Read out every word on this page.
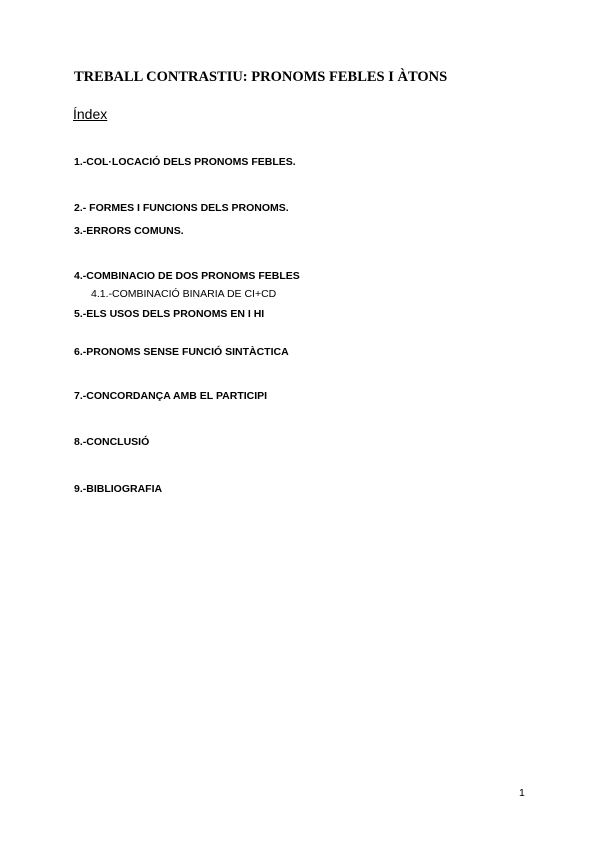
TREBALL CONTRASTIU: PRONOMS FEBLES I ÀTONS
Índex
1.-COL·LOCACIÓ DELS PRONOMS FEBLES.
2.- FORMES I FUNCIONS DELS PRONOMS.
3.-ERRORS COMUNS.
4.-COMBINACIO DE DOS PRONOMS FEBLES
4.1.-COMBINACIÓ BINARIA DE CI+CD
5.-ELS USOS DELS PRONOMS EN I HI
6.-PRONOMS SENSE FUNCIÓ SINTÀCTICA
7.-CONCORDANÇA AMB EL PARTICIPI
8.-CONCLUSIÓ
9.-BIBLIOGRAFIA
1
